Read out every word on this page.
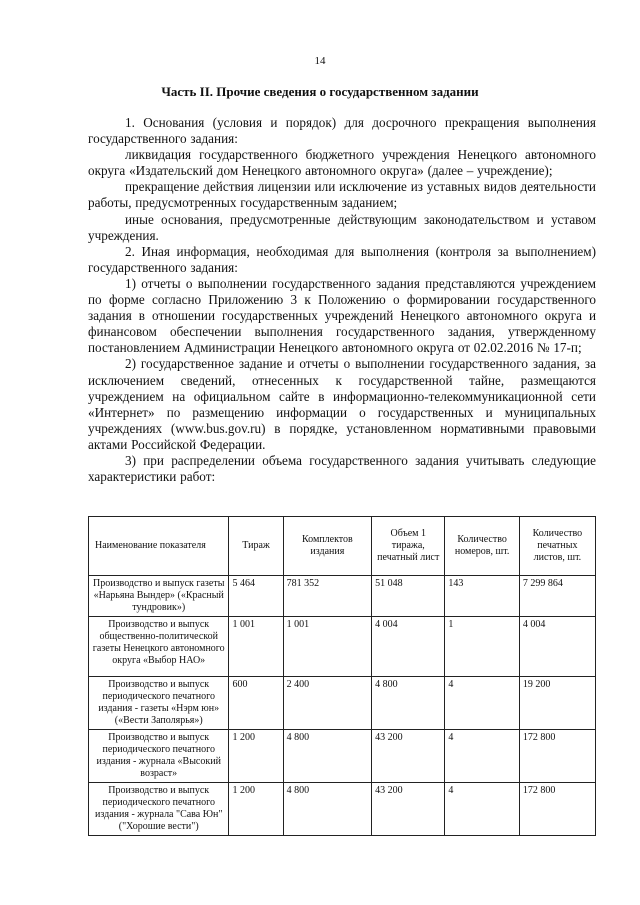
14
Часть II. Прочие сведения о государственном задании

1. Основания (условия и порядок) для досрочного прекращения выполнения государственного задания:

ликвидация государственного бюджетного учреждения Ненецкого автономного округа «Издательский дом Ненецкого автономного округа» (далее – учреждение);

прекращение действия лицензии или исключение из уставных видов деятельности работы, предусмотренных государственным заданием;

иные основания, предусмотренные действующим законодательством и уставом учреждения.

2. Иная информация, необходимая для выполнения (контроля за выполнением) государственного задания:

1) отчеты о выполнении государственного задания представляются учреждением по форме согласно Приложению 3 к Положению о формировании государственного задания в отношении государственных учреждений Ненецкого автономного округа и финансовом обеспечении выполнения государственного задания, утвержденному постановлением Администрации Ненецкого автономного округа от 02.02.2016 № 17-п;

2) государственное задание и отчеты о выполнении государственного задания, за исключением сведений, отнесенных к государственной тайне, размещаются учреждением на официальном сайте в информационно-телекоммуникационной сети «Интернет» по размещению информации о государственных и муниципальных учреждениях (www.bus.gov.ru) в порядке, установленном нормативными правовыми актами Российской Федерации.

3) при распределении объема государственного задания учитывать следующие характеристики работ:

Наименование показателя	Тираж	Комплектов издания	Объем 1 тиража, печатный лист	Количество номеров, шт.	Количество печатных листов, шт.
Производство и выпуск газеты «Нарьяна Вындер» («Красный тундровик»)	5 464	781 352	51 048	143	7 299 864
Производство и выпуск общественно-политической газеты Ненецкого автономного округа «Выбор НАО»	1 001	1 001	4 004	1	4 004
Производство и выпуск периодического печатного издания - газеты «Нэрм юн» («Вести Заполярья»)	600	2 400	4 800	4	19 200
Производство и выпуск периодического печатного издания - журнала «Высокий возраст»	1 200	4 800	43 200	4	172 800
Производство и выпуск периодического печатного издания - журнала "Сава Юн" ("Хорошие вести")	1 200	4 800	43 200	4	172 800
